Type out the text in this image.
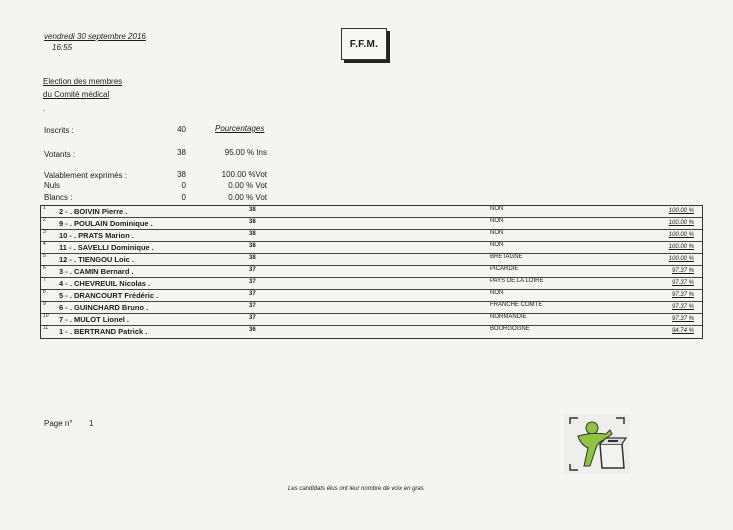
vendredi 30 septembre 2016
16:55	F.F.M.
Election des membres
du Comité médical
.
Pourcentages
Inscrits :	40
Votants :	38	95.00 % Ins
Valablement exprimés :	38	100.00 %Vot
Nuls	0	0.00 % Vot
Blancs :	0	0.00 % Vot
1 2 - . BOIVIN Pierre .	38	NON	100.00 %
2 9 - . POULAIN Dominique .	38	NON	100.00 %
3 10 - . PRATS Marion .	38	NON	100.00 %
4 11 - . SAVELLI Dominique .	38	NON	100.00 %
5 12 - . TIENGOU Loic .	38	BRETAGNE	100.00 %
6 3 - . CAMIN Bernard .	37	PICARDIE	97.37 %
7 4 - . CHEVREUIL Nicolas .	37	PAYS DE LA LOIRE	97.37 %
8 5 - . DRANCOURT Frédéric .	37	NON	97.37 %
9 6 - . GUINCHARD Bruno .	37	FRANCHE COMTE	97.37 %
10 7 - . MULOT Lionel .	37	NORMANDIE	97.37 %
11 1 - . BERTRAND Patrick .	36	BOURGOGNE	94.74 %
Page n° 1
Les candidats élus ont leur nombre de voix en gras
